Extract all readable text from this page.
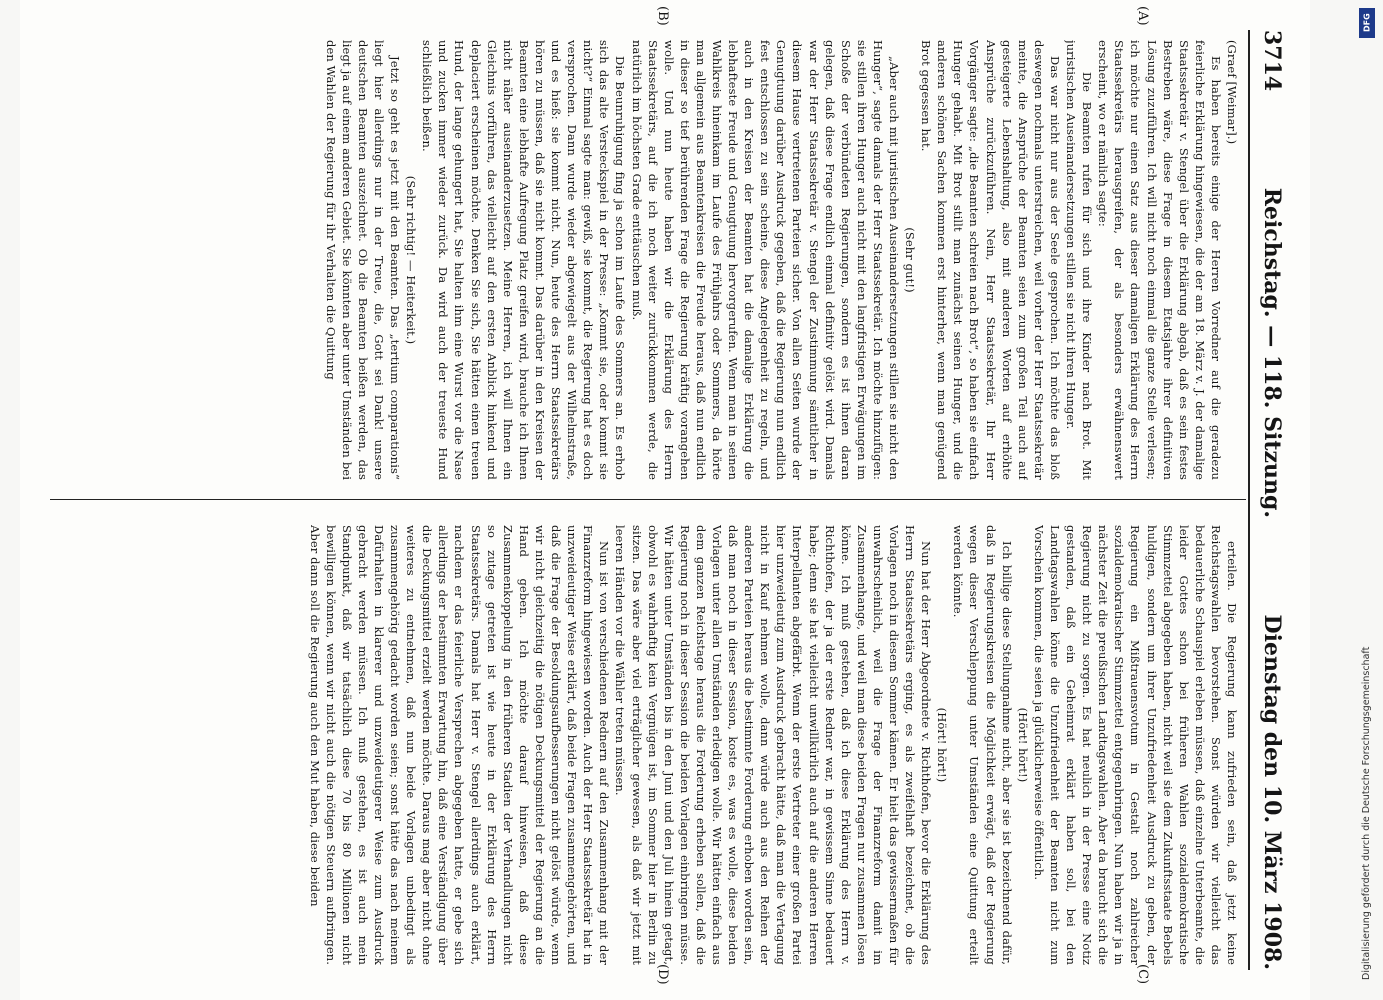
3714
Reichstag. — 118. Sitzung.
Dienstag den 10. März 1908.
(A)
(B)
(C)
(D)

(Graef [Weimar].)

Es haben bereits einige der Herren Vorredner auf die geradezu feierliche Erklärung hingewiesen, die der am 18. März v. J. der damalige Staatssekretär v. Stengel über die Erklärung abgab, daß es sein festes Bestreben wäre, diese Frage in diesem Etatsjahre ihrer definitiven Lösung zuzuführen. Ich will nicht noch einmal die ganze Stelle verlesen; ich möchte nur einen Satz aus dieser damaligen Erklärung des Herrn Staatssekretärs herausgreifen, der als besonders erwähnenswert erscheint, wo er nämlich sagte:

Die Beamten rufen für sich und ihre Kinder nach Brot. Mit juristischen Auseinandersetzungen stillen sie nicht ihren Hunger.

Das war nicht nur aus der Seele gesprochen. Ich möchte das bloß deswegen nochmals unterstreichen, weil vorher der Herr Staatssekretär meinte, die Ansprüche der Beamten seien zum großen Teil auch auf gesteigerte Lebenshaltung, also mit anderen Worten auf erhöhte Ansprüche zurückzuführen. Nein, Herr Staatssekretär, Ihr Herr Vorgänger sagte: „die Beamten schreien nach Brot“, so haben sie einfach Hunger gehabt. Mit Brot stillt man zunächst seinen Hunger, und die anderen schönen Sachen kommen erst hinterher, wenn man genügend Brot gegessen hat.

(Sehr gut!)

„Aber auch mit juristischen Auseinandersetzungen stillen sie nicht den Hunger“, sagte damals der Herr Staatssekretär. Ich möchte hinzufügen: sie stillen ihren Hunger auch nicht mit den langfristigen Erwägungen im Schoße der verbündeten Regierungen, sondern es ist ihnen daran gelegen, daß diese Frage endlich einmal definitiv gelöst wird. Damals war der Herr Staatssekretär v. Stengel der Zustimmung sämtlicher in diesem Hause vertretenen Parteien sicher. Von allen Seiten wurde der Genugtuung darüber Ausdruck gegeben, daß die Regierung nun endlich fest entschlossen zu sein scheine, diese Angelegenheit zu regeln, und auch in den Kreisen der Beamten hat die damalige Erklärung die lebhafteste Freude und Genugtuung hervorgerufen. Wenn man in seinen Wahlkreis hineinkam im Laufe des Frühjahrs oder Sommers, da hörte man allgemein aus Beamtenkreisen die Freude heraus, daß nun endlich in dieser so tief berührenden Frage die Regierung kräftig vorangehen wolle. Und nun heute haben wir die Erklärung des Herrn Staatssekretärs, auf die ich noch weiter zurückkommen werde, die natürlich im höchsten Grade enttäuschen muß.

Die Beunruhigung fing ja schon im Laufe des Sommers an. Es erhob sich das alte Versteckspiel in der Presse: „Kommt sie, oder kommt sie nicht?“ Einmal sagte man: gewiß, sie kommt, die Regierung hat es doch versprochen. Dann wurde wieder abgewiegelt aus der Wilhelmstraße, und es hieß: sie kommt nicht. Nun, heute des Herrn Staatssekretärs hören zu müssen, daß sie nicht kommt. Das darüber in den Kreisen der Beamten eine lebhafte Aufregung Platz greifen wird, brauche ich Ihnen nicht näher auseinanderzusetzen. Meine Herren, ich will Ihnen ein Gleichnis vorführen, das vielleicht auf den ersten Anblick hinkend und deplaciert erscheinen möchte. Denken Sie sich, Sie hätten einen treuen Hund, der lange gehungert hat, Sie halten ihm eine Wurst vor die Nase und zucken immer wieder zurück. Da wird auch der treueste Hund schließlich beißen.

(Sehr richtig! — Heiterkeit.)

Jetzt so geht es jetzt mit den Beamten. Das „tertium comparationis“ liegt hier allerdings nur in der Treue, die, Gott sei Dank! unsere deutschen Beamten auszeichnet. Ob die Beamten beißen werden, das liegt ja auf einem anderen Gebiet. Sie könnten aber unter Umständen bei den Wahlen der Regierung für ihr Verhalten die Quittung

erteilen. Die Regierung kann zufrieden sein, daß jetzt keine Reichstagswahlen bevorstehen. Sonst würden wir vielleicht das bedauerliche Schauspiel erleben müssen, daß einzelne Unterbeamte, die leider Gottes schon bei früheren Wahlen sozialdemokratische Stimmzettel abgegeben haben, nicht weil sie dem Zukunftsstaate Bebels huldigen, sondern um ihrer Unzufriedenheit Ausdruck zu geben, der Regierung ein Mißtrauensvotum in Gestalt noch zahlreicher sozialdemokratischer Stimmzettel entgegenbringen. Nun haben wir ja in nächster Zeit die preußischen Landtagswahlen. Aber da braucht sich die Regierung nicht zu sorgen. Es hat neulich in der Presse eine Notiz gestanden, daß ein Geheimrat erklärt haben soll, bei den Landtagswahlen könne die Unzufriedenheit der Beamten nicht zum Vorschein kommen, die seien ja glücklicherweise öffentlich.

(Hört! hört!)

Ich billige diese Stellungnahme nicht, aber sie ist bezeichnend dafür, daß in Regierungskreisen die Möglichkeit erwägt, daß der Regierung wegen dieser Verschleppung unter Umständen eine Quittung erteilt werden könnte.

(Hört! hört!)

Nun hat der Herr Abgeordnete v. Richthofen, bevor die Erklärung des Herrn Staatssekretärs erging, es als zweifelhaft bezeichnet, ob die Vorlagen noch in diesem Sommer kämen. Er hielt das gewissermaßen für unwahrscheinlich, weil die Frage der Finanzreform damit im Zusammenhange, und weil man diese beiden Fragen nur zusammen lösen könne. Ich muß gestehen, daß ich diese Erklärung des Herrn v. Richthofen, der ja der erste Redner war, in gewissem Sinne bedauert habe; denn sie hat vielleicht unwillkürlich auch auf die anderen Herren Interpellanten abgefärbt. Wenn der erste Vertreter einer großen Partei hier unzweideutig zum Ausdruck gebracht hätte, daß man die Vertagung nicht in Kauf nehmen wolle, dann würde auch aus den Reihen der anderen Parteien heraus die bestimmte Forderung erhoben worden sein, daß man noch in dieser Session, koste es, was es wolle, diese beiden Vorlagen unter allen Umständen erledigen wolle. Wir hätten einfach aus dem ganzen Reichstage heraus die Forderung erheben sollen, daß die Regierung noch in dieser Session die beiden Vorlagen einbringen müsse. Wir hätten unter Umständen bis in den Juni und den Juli hinein getagt, obwohl es wahrhaftig kein Vergnügen ist, im Sommer hier in Berlin zu sitzen. Das wäre aber viel erträglicher gewesen, als daß wir jetzt mit leeren Händen vor die Wähler treten müssen.

Nun ist von verschiedenen Rednern auf den Zusammenhang mit der Finanzreform hingewiesen worden. Auch der Herr Staatssekretär hat in unzweideutiger Weise erklärt, daß beide Fragen zusammengehörten, und daß die Frage der Besoldungsaufbesserungen nicht gelöst würde, wenn wir nicht gleichzeitig die nötigen Deckungsmittel der Regierung an die Hand geben. Ich möchte darauf hinweisen, daß diese Zusammenkoppelung in den früheren Stadien der Verhandlungen nicht so zutage getreten ist wie heute in der Erklärung des Herrn Staatssekretärs. Damals hat Herr v. Stengel allerdings auch erklärt, nachdem er das feierliche Versprechen abgegeben hatte, er gebe sich allerdings der bestimmten Erwartung hin, daß eine Verständigung über die Deckungsmittel erzielt werden möchte. Daraus mag aber nicht ohne weiteres zu entnehmen, daß nun beide Vorlagen unbedingt als zusammengehörig gedacht worden seien; sonst hätte das nach meinem Dafürhalten in klarerer und unzweideutigerer Weise zum Ausdruck gebracht werden müssen. Ich muß gestehen, es ist auch mein Standpunkt, daß wir tatsächlich diese 70 bis 80 Millionen nicht bewilligen können, wenn wir nicht auch die nötigen Steuern aufbringen. Aber dann soll die Regierung auch den Mut haben, diese beiden

DFG
Digitalisierung gefördert durch die Deutsche Forschungsgemeinschaft
